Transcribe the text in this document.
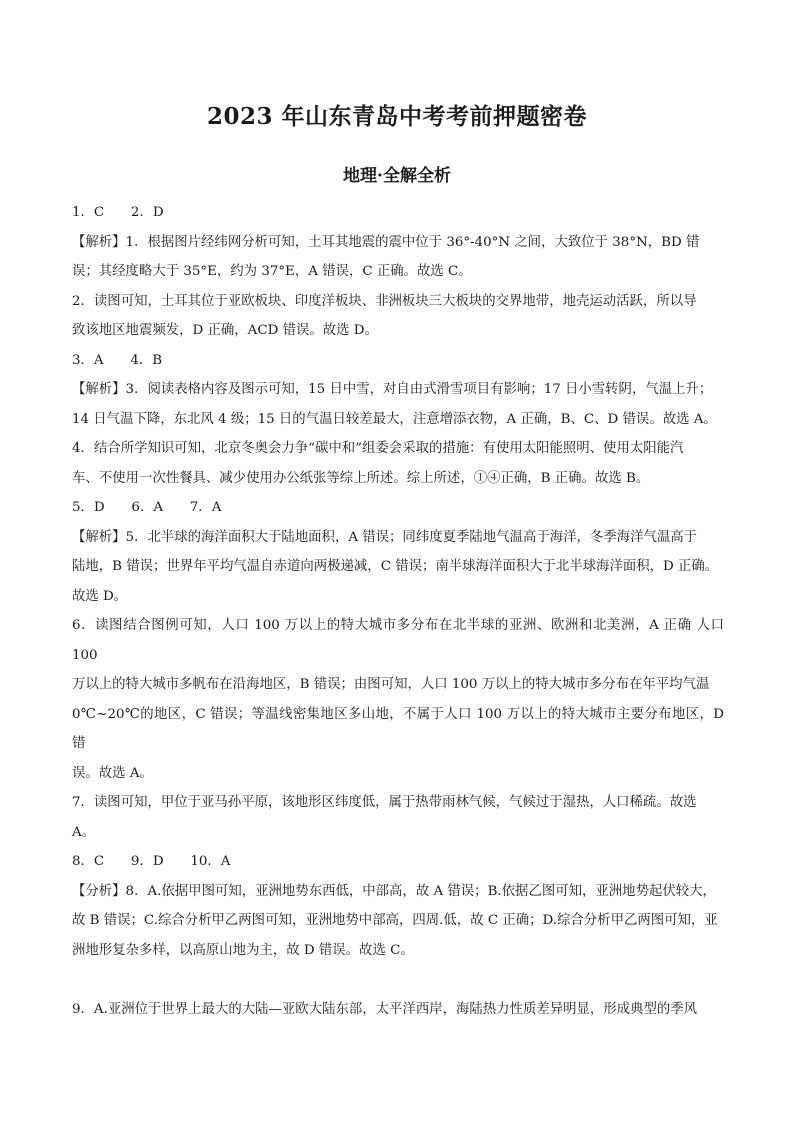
2023 年山东青岛中考考前押题密卷
地理·全解全析

1．C　　2．D

【解析】1．根据图片经纬网分析可知，土耳其地震的震中位于 36°-40°N 之间，大致位于 38°N，BD 错

误；其经度略大于 35°E，约为 37°E，A 错误，C 正确。故选 C。

2．读图可知，土耳其位于亚欧板块、印度洋板块、非洲板块三大板块的交界地带，地壳运动活跃，所以导

致该地区地震频发，D 正确，ACD 错误。故选 D。

3．A　　4．B

【解析】3．阅读表格内容及图示可知，15 日中雪，对自由式滑雪项目有影响；17 日小雪转阴，气温上升；

14 日气温下降，东北风 4 级；15 日的气温日较差最大，注意增添衣物，A 正确，B、C、D 错误。故选 A。

4．结合所学知识可知，北京冬奥会力争“碳中和”组委会采取的措施：有使用太阳能照明、使用太阳能汽

车、不使用一次性餐具、减少使用办公纸张等综上所述。综上所述，①④正确，B 正确。故选 B。

5．D　　6．A　　7．A

【解析】5．北半球的海洋面积大于陆地面积，A 错误；同纬度夏季陆地气温高于海洋，冬季海洋气温高于

陆地，B 错误；世界年平均气温自赤道向两极递减，C 错误；南半球海洋面积大于北半球海洋面积，D 正确。

故选 D。

6．读图结合图例可知，人口 100 万以上的特大城市多分布在北半球的亚洲、欧洲和北美洲，A 正确 人口 100

万以上的特大城市多帆布在沿海地区，B 错误；由图可知，人口 100 万以上的特大城市多分布在年平均气温

0℃~20℃的地区，C 错误；等温线密集地区多山地，不属于人口 100 万以上的特大城市主要分布地区，D 错

误。故选 A。

7．读图可知，甲位于亚马孙平原，该地形区纬度低，属于热带雨林气候，气候过于湿热，人口稀疏。故选

A。

8．C　　9．D　　10．A

【分析】8．A.依据甲图可知，亚洲地势东西低，中部高，故 A 错误；B.依据乙图可知，亚洲地势起伏较大，

故 B 错误；C.综合分析甲乙两图可知，亚洲地势中部高，四周.低，故 C 正确；D.综合分析甲乙两图可知，亚

洲地形复杂多样，以高原山地为主，故 D 错误。故选 C。

9．A.亚洲位于世界上最大的大陆—亚欧大陆东部，太平洋西岸，海陆热力性质差异明显，形成典型的季风
